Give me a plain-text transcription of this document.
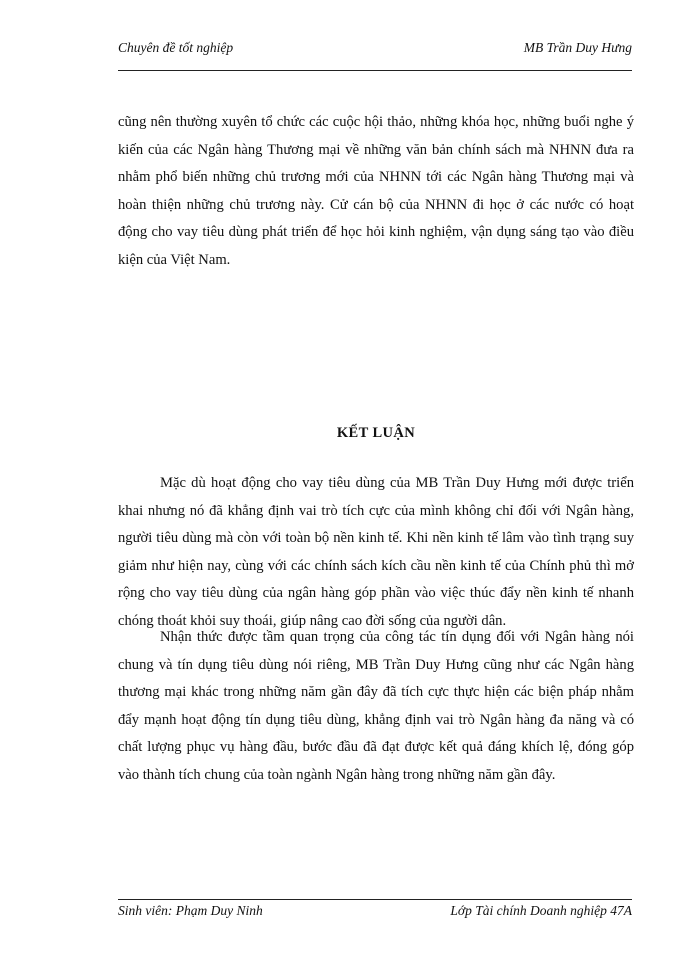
Chuyên đề tốt nghiệp	MB Trần Duy Hưng

cũng nên thường xuyên tổ chức các cuộc hội thảo, những khóa học, những buổi nghe ý kiến của các Ngân hàng Thương mại về những văn bản chính sách mà NHNN đưa ra nhằm phổ biến những chủ trương mới của NHNN tới các Ngân hàng Thương mại và hoàn thiện những chủ trương này. Cử cán bộ của NHNN đi học ở các nước có hoạt động cho vay tiêu dùng phát triển để học hỏi kinh nghiệm, vận dụng sáng tạo vào điều kiện của Việt Nam.

KẾT LUẬN

Mặc dù hoạt động cho vay tiêu dùng của MB Trần Duy Hưng mới được triển khai nhưng nó đã khẳng định vai trò tích cực của mình không chỉ đối với Ngân hàng, người tiêu dùng mà còn với toàn bộ nền kinh tế. Khi nền kinh tế lâm vào tình trạng suy giảm như hiện nay, cùng với các chính sách kích cầu nền kinh tế của Chính phủ thì mở rộng cho vay tiêu dùng của ngân hàng góp phần vào việc thúc đẩy nền kinh tế nhanh chóng thoát khỏi suy thoái, giúp nâng cao đời sống của người dân.

Nhận thức được tầm quan trọng của công tác tín dụng đối với Ngân hàng nói chung và tín dụng tiêu dùng nói riêng, MB Trần Duy Hưng cũng như các Ngân hàng thương mại khác trong những năm gần đây đã tích cực thực hiện các biện pháp nhằm đẩy mạnh hoạt động tín dụng tiêu dùng, khẳng định vai trò Ngân hàng đa năng và có chất lượng phục vụ hàng đầu, bước đầu đã đạt được kết quả đáng khích lệ, đóng góp vào thành tích chung của toàn ngành Ngân hàng trong những năm gần đây.

Sinh viên: Phạm Duy Ninh	Lớp Tài chính Doanh nghiệp 47A
